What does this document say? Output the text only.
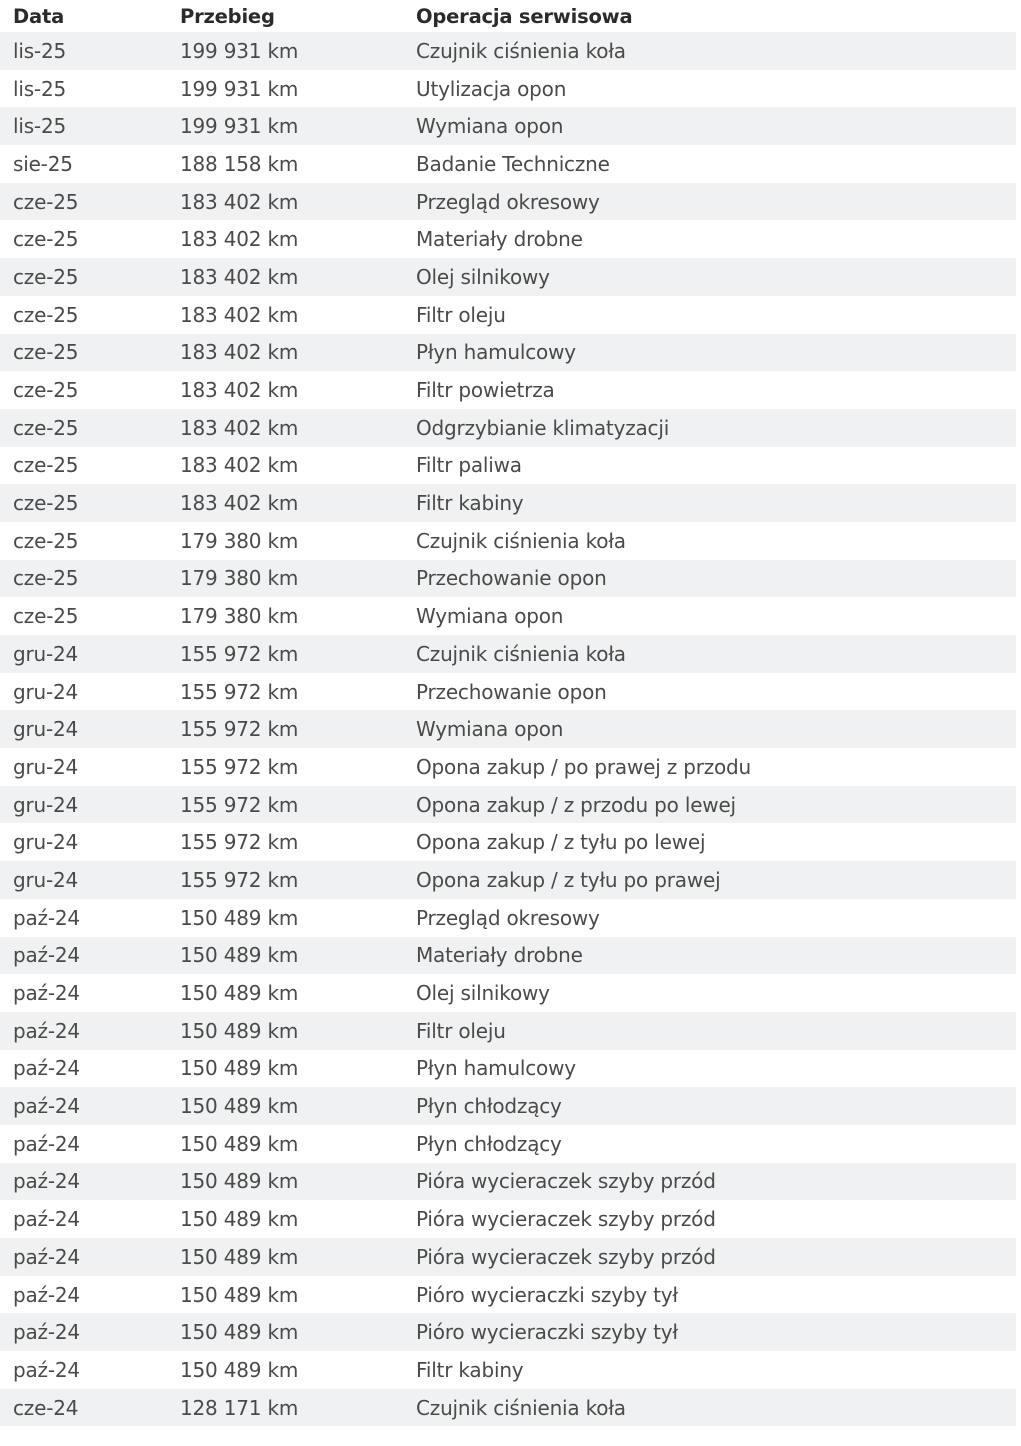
Data	Przebieg	Operacja serwisowa
lis-25	199 931 km	Czujnik ciśnienia koła
lis-25	199 931 km	Utylizacja opon
lis-25	199 931 km	Wymiana opon
sie-25	188 158 km	Badanie Techniczne
cze-25	183 402 km	Przegląd okresowy
cze-25	183 402 km	Materiały drobne
cze-25	183 402 km	Olej silnikowy
cze-25	183 402 km	Filtr oleju
cze-25	183 402 km	Płyn hamulcowy
cze-25	183 402 km	Filtr powietrza
cze-25	183 402 km	Odgrzybianie klimatyzacji
cze-25	183 402 km	Filtr paliwa
cze-25	183 402 km	Filtr kabiny
cze-25	179 380 km	Czujnik ciśnienia koła
cze-25	179 380 km	Przechowanie opon
cze-25	179 380 km	Wymiana opon
gru-24	155 972 km	Czujnik ciśnienia koła
gru-24	155 972 km	Przechowanie opon
gru-24	155 972 km	Wymiana opon
gru-24	155 972 km	Opona zakup / po prawej z przodu
gru-24	155 972 km	Opona zakup / z przodu po lewej
gru-24	155 972 km	Opona zakup / z tyłu po lewej
gru-24	155 972 km	Opona zakup / z tyłu po prawej
paź-24	150 489 km	Przegląd okresowy
paź-24	150 489 km	Materiały drobne
paź-24	150 489 km	Olej silnikowy
paź-24	150 489 km	Filtr oleju
paź-24	150 489 km	Płyn hamulcowy
paź-24	150 489 km	Płyn chłodzący
paź-24	150 489 km	Płyn chłodzący
paź-24	150 489 km	Pióra wycieraczek szyby przód
paź-24	150 489 km	Pióra wycieraczek szyby przód
paź-24	150 489 km	Pióra wycieraczek szyby przód
paź-24	150 489 km	Pióro wycieraczki szyby tył
paź-24	150 489 km	Pióro wycieraczki szyby tył
paź-24	150 489 km	Filtr kabiny
cze-24	128 171 km	Czujnik ciśnienia koła
